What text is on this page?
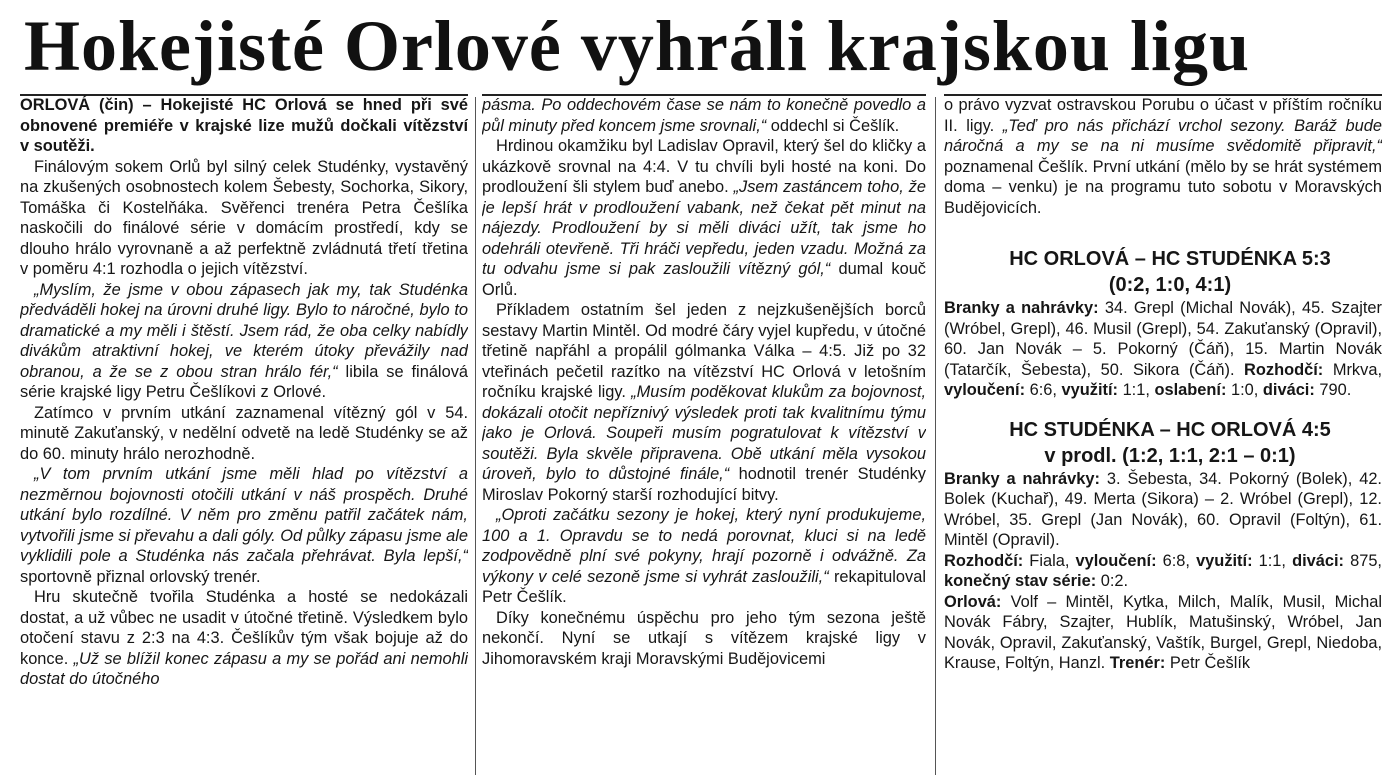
Hokejisté Orlové vyhráli krajskou ligu

ORLOVÁ (čin) – Hokejisté HC Orlová se hned při své obnovené premiéře v krajské lize mužů dočkali vítězství v soutěži.

Finálovým sokem Orlů byl silný celek Studénky, vystavěný na zkušených osobnostech kolem Šebesty, Sochorka, Sikory, Tomáška či Kostelňáka. Svěřenci trenéra Petra Češlíka naskočili do finálové série v domácím prostředí, kdy se dlouho hrálo vyrovnaně a až perfektně zvládnutá třetí třetina v poměru 4:1 rozhodla o jejich vítězství.

„Myslím, že jsme v obou zápasech jak my, tak Studénka předváděli hokej na úrovni druhé ligy. Bylo to náročné, bylo to dramatické a my měli i štěstí. Jsem rád, že oba celky nabídly divákům atraktivní hokej, ve kterém útoky převážily nad obranou, a že se z obou stran hrálo fér,“ libila se finálová série krajské ligy Petru Češlíkovi z Orlové.

Zatímco v prvním utkání zaznamenal vítězný gól v 54. minutě Zakuťanský, v nedělní odvetě na ledě Studénky se až do 60. minuty hrálo nerozhodně.

„V tom prvním utkání jsme měli hlad po vítězství a nezměrnou bojovnosti otočili utkání v náš prospěch. Druhé utkání bylo rozdílné. V něm pro změnu patřil začátek nám, vytvořili jsme si převahu a dali góly. Od půlky zápasu jsme ale vyklidili pole a Studénka nás začala přehrávat. Byla lepší,“ sportovně přiznal orlovský trenér.

Hru skutečně tvořila Studénka a hosté se nedokázali dostat, a už vůbec ne usadit v útočné třetině. Výsledkem bylo otočení stavu z 2:3 na 4:3. Češlíkův tým však bojuje až do konce. „Už se blížil konec zápasu a my se pořád ani nemohli dostat do útočného

pásma. Po oddechovém čase se nám to konečně povedlo a půl minuty před koncem jsme srovnali,“ oddechl si Češlík.

Hrdinou okamžiku byl Ladislav Opravil, který šel do kličky a ukázkově srovnal na 4:4. V tu chvíli byli hosté na koni. Do prodloužení šli stylem buď anebo. „Jsem zastáncem toho, že je lepší hrát v prodloužení vabank, než čekat pět minut na nájezdy. Prodloužení by si měli diváci užít, tak jsme ho odehráli otevřeně. Tři hráči vepředu, jeden vzadu. Možná za tu odvahu jsme si pak zasloužili vítězný gól,“ dumal kouč Orlů.

Příkladem ostatním šel jeden z nejzkušenějších borců sestavy Martin Mintěl. Od modré čáry vyjel kupředu, v útočné třetině napřáhl a propálil gólmanka Válka – 4:5. Již po 32 vteřinách pečetil razítko na vítězství HC Orlová v letošním ročníku krajské ligy. „Musím poděkovat klukům za bojovnost, dokázali otočit nepříznivý výsledek proti tak kvalitnímu týmu jako je Orlová. Soupeři musím pogratulovat k vítězství v soutěži. Byla skvěle připravena. Obě utkání měla vysokou úroveň, bylo to důstojné finále,“ hodnotil trenér Studénky Miroslav Pokorný starší rozhodující bitvy.

„Oproti začátku sezony je hokej, který nyní produkujeme, 100 a 1. Opravdu se to nedá porovnat, kluci si na ledě zodpovědně plní své pokyny, hrají pozorně i odvážně. Za výkony v celé sezoně jsme si vyhrát zasloužili,“ rekapituloval Petr Češlík.

Díky konečnému úspěchu pro jeho tým sezona ještě nekončí. Nyní se utkají s vítězem krajské ligy v Jihomoravském kraji Moravskými Budějovicemi

o právo vyzvat ostravskou Porubu o účast v příštím ročníku II. ligy. „Teď pro nás přichází vrchol sezony. Baráž bude náročná a my se na ni musíme svědomitě připravit,“ poznamenal Češlík. První utkání (mělo by se hrát systémem doma – venku) je na programu tuto sobotu v Moravských Budějovicích.

HC ORLOVÁ – HC STUDÉNKA 5:3

(0:2, 1:0, 4:1)

Branky a nahrávky: 34. Grepl (Michal Novák), 45. Szajter (Wróbel, Grepl), 46. Musil (Grepl), 54. Zakuťanský (Opravil), 60. Jan Novák – 5. Pokorný (Čáň), 15. Martin Novák (Tatarčík, Šebesta), 50. Sikora (Čáň). Rozhodčí: Mrkva, vyloučení: 6:6, využití: 1:1, oslabení: 1:0, diváci: 790.

HC STUDÉNKA – HC ORLOVÁ 4:5

v prodl. (1:2, 1:1, 2:1 – 0:1)

Branky a nahrávky: 3. Šebesta, 34. Pokorný (Bolek), 42. Bolek (Kuchař), 49. Merta (Sikora) – 2. Wróbel (Grepl), 12. Wróbel, 35. Grepl (Jan Novák), 60. Opravil (Foltýn), 61. Mintěl (Opravil).

Rozhodčí: Fiala, vyloučení: 6:8, využití: 1:1, diváci: 875, konečný stav série: 0:2.

Orlová: Volf – Mintěl, Kytka, Milch, Malík, Musil, Michal Novák Fábry, Szajter, Hublík, Matušinský, Wróbel, Jan Novák, Opravil, Zakuťanský, Vaštík, Burgel, Grepl, Niedoba, Krause, Foltýn, Hanzl. Trenér: Petr Češlík
